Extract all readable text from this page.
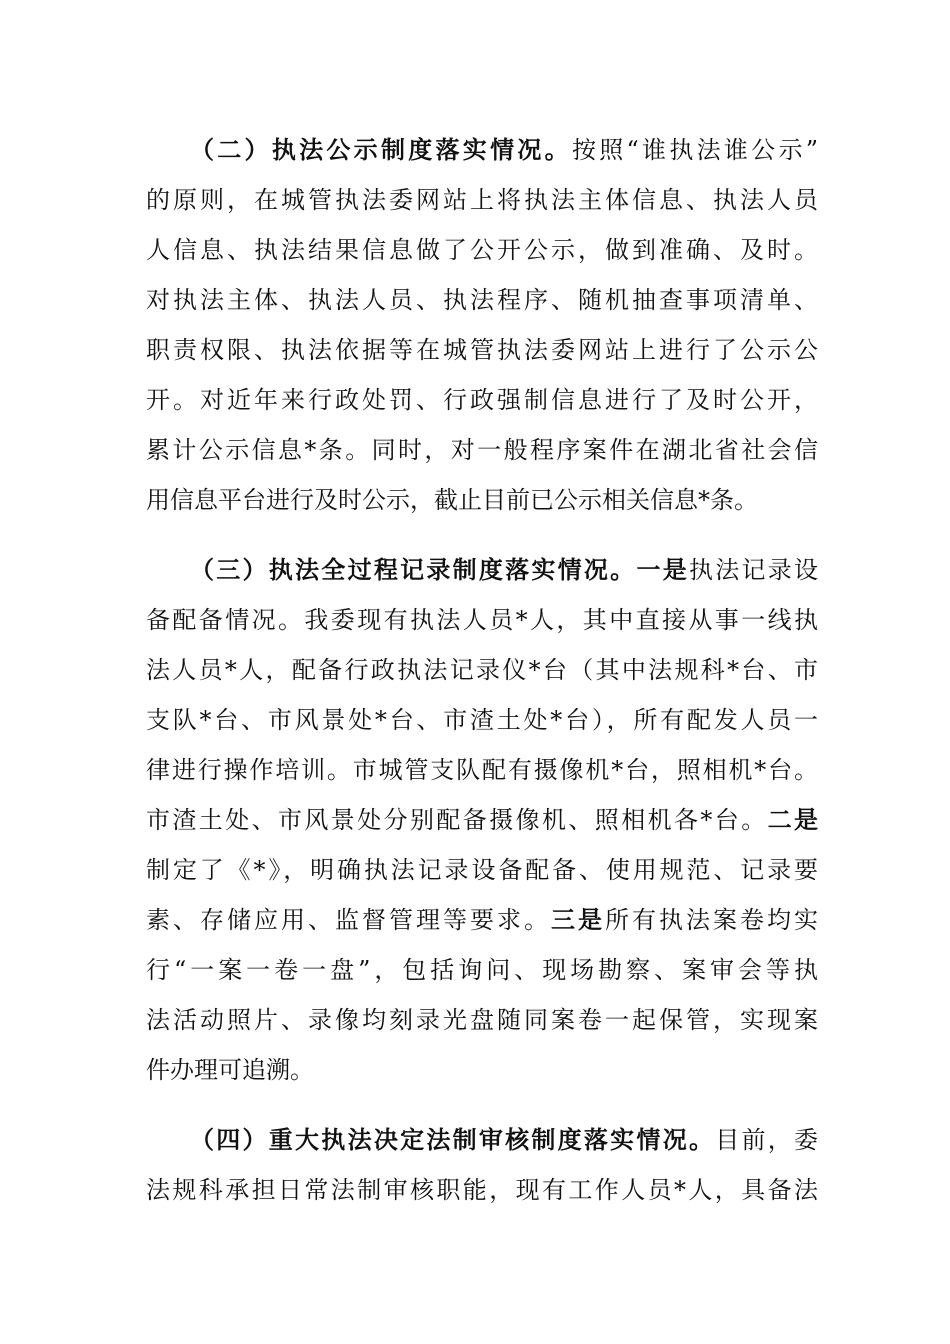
（二）执法公示制度落实情况。按照“谁执法谁公示”
的原则，在城管执法委网站上将执法主体信息、执法人员
人信息、执法结果信息做了公开公示，做到准确、及时。
对执法主体、执法人员、执法程序、随机抽查事项清单、
职责权限、执法依据等在城管执法委网站上进行了公示公
开。对近年来行政处罚、行政强制信息进行了及时公开，
累计公示信息*条。同时，对一般程序案件在湖北省社会信
用信息平台进行及时公示，截止目前已公示相关信息*条。
（三）执法全过程记录制度落实情况。一是执法记录设
备配备情况。我委现有执法人员*人，其中直接从事一线执
法人员*人，配备行政执法记录仪*台（其中法规科*台、市
支队*台、市风景处*台、市渣土处*台），所有配发人员一
律进行操作培训。市城管支队配有摄像机*台，照相机*台。
市渣土处、市风景处分别配备摄像机、照相机各*台。二是
制定了《*》，明确执法记录设备配备、使用规范、记录要
素、存储应用、监督管理等要求。三是所有执法案卷均实
行“一案一卷一盘”，包括询问、现场勘察、案审会等执
法活动照片、录像均刻录光盘随同案卷一起保管，实现案
件办理可追溯。
（四）重大执法决定法制审核制度落实情况。目前，委
法规科承担日常法制审核职能，现有工作人员*人，具备法
